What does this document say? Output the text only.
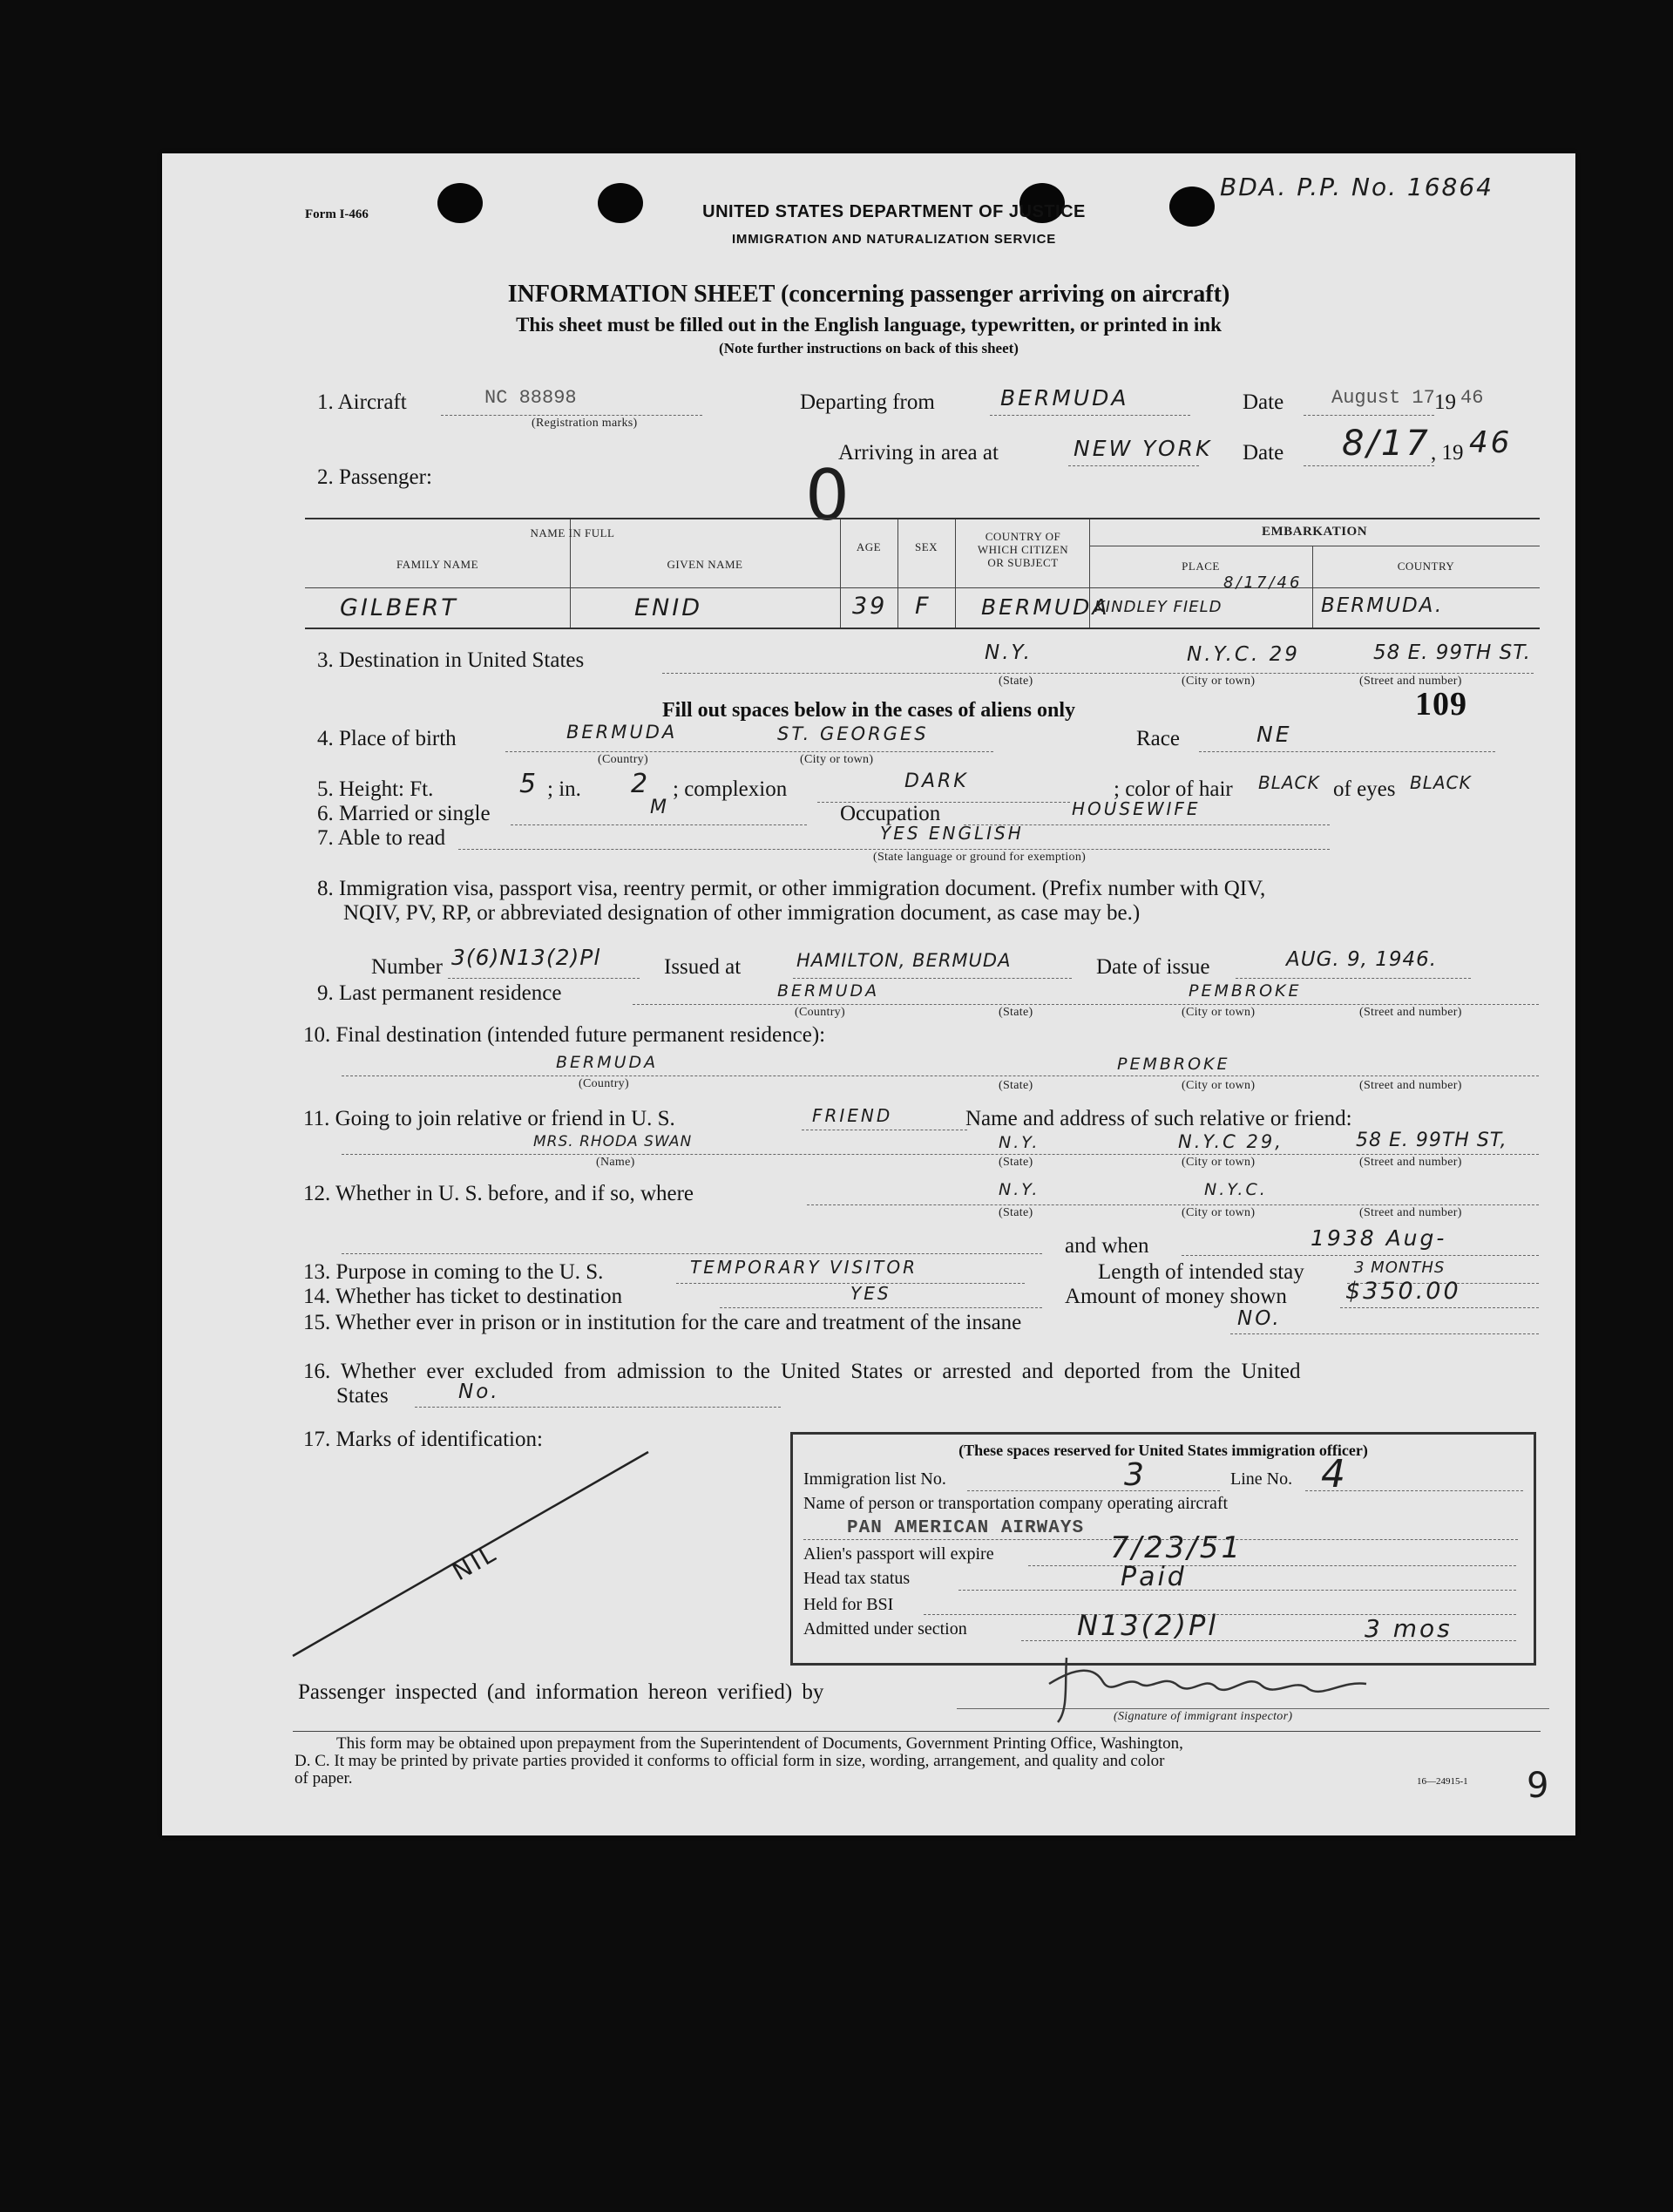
Form I-466	UNITED STATES DEPARTMENT OF JUSTICE
IMMIGRATION AND NATURALIZATION SERVICE
BDA. P.P. No. 16864
INFORMATION SHEET (concerning passenger arriving on aircraft)
This sheet must be filled out in the English language, typewritten, or printed in ink
(Note further instructions on back of this sheet)
1. Aircraft	NC 88898
(Registration marks)
Departing from	BERMUDA	Date August 17 19 46
Arriving in area at	NEW YORK Date 8/17 , 19 46
2. Passenger:	0
NAME IN FULL
FAMILY NAME	GIVEN NAME
AGE	SEX
COUNTRY OF WHICH CITIZEN OR SUBJECT
EMBARKATION
PLACE	COUNTRY
GILBERT	ENID	39 F BERMUDA
8/17/46
KINDLEY FIELD	BERMUDA.
3. Destination in United States	N.Y.	N.Y.C. 29	58 E. 99TH ST.
(State)	(City or town)	(Street and number)
Fill out spaces below in the cases of aliens only	109
4. Place of birth	BERMUDA	ST. GEORGES
(Country)	(City or town)
Race	NE
5. Height: Ft.	5 ; in. 2 ; complexion	DARK	; color of hair BLACK of eyes BLACK
6. Married or single	M	Occupation	HOUSEWIFE
7. Able to read	YES ENGLISH
(State language or ground for exemption)
8. Immigration visa, passport visa, reentry permit, or other immigration document. (Prefix number with QIV,
NQIV, PV, RP, or abbreviated designation of other immigration document, as case may be.)
Number 3(6)N13(2)Pl	Issued at	HAMILTON, BERMUDA	Date of issue	AUG. 9, 1946.
9. Last permanent residence	BERMUDA	PEMBROKE
(Country)	(State)	(City or town)	(Street and number)
10. Final destination (intended future permanent residence):
BERMUDA	PEMBROKE
(Country)	(State)	(City or town)	(Street and number)
11. Going to join relative or friend in U. S.	FRIEND	Name and address of such relative or friend:
MRS. RHODA SWAN	N.Y.	N.Y.C 29,	58 E. 99TH ST,
(Name)	(State)	(City or town)	(Street and number)
12. Whether in U. S. before, and if so, where	N.Y.	N.Y.C.
(State)	(City or town)	(Street and number)
and when	1938 Aug-
13. Purpose in coming to the U. S.	TEMPORARY VISITOR	Length of intended stay	3 MONTHS
14. Whether has ticket to destination	YES	Amount of money shown $350.00
15. Whether ever in prison or in institution for the care and treatment of the insane	NO.
16. Whether ever excluded from admission to the United States or arrested and deported from the United
States	No.
17. Marks of identification:
NIL
(These spaces reserved for United States immigration officer)
Immigration list No.	3	Line No. 4
Name of person or transportation company operating aircraft
PAN AMERICAN AIRWAYS
Alien's passport will expire	7/23/51
Head tax status	Paid
Held for BSI
Admitted under section	N13(2)Pl	3 mos
Passenger inspected (and information hereon verified) by
(Signature of immigrant inspector)
This form may be obtained upon prepayment from the Superintendent of Documents, Government Printing Office, Washington,
D. C. It may be printed by private parties provided it conforms to official form in size, wording, arrangement, and quality and color
of paper.	16—24915-1 9
